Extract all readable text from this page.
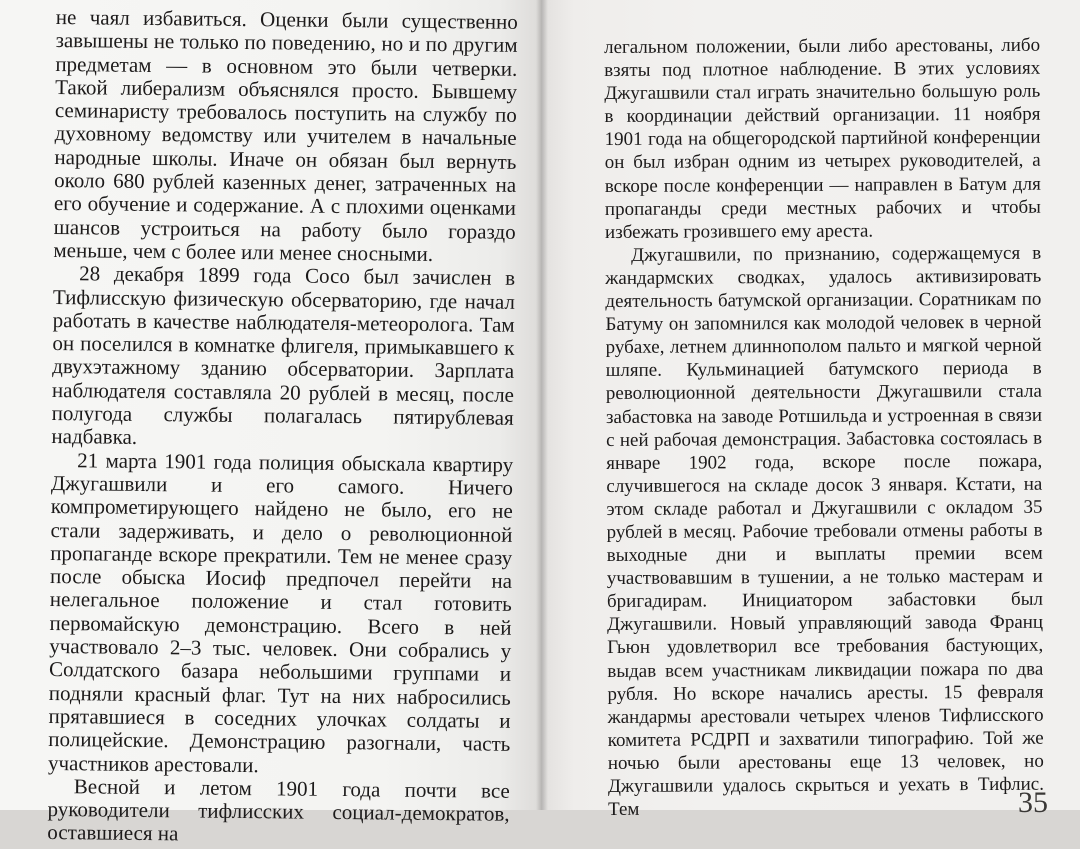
не чаял избавиться. Оценки были существенно завышены не только по поведению, но и по другим предметам — в основном это были четверки. Такой либерализм объяснялся просто. Бывшему семинаристу требовалось поступить на службу по духовному ведомству или учителем в начальные народные школы. Иначе он обязан был вернуть около 680 рублей казенных денег, затраченных на его обучение и содержание. А с плохими оценками шансов устроиться на работу было гораздо меньше, чем с более или менее сносными.

28 декабря 1899 года Сосо был зачислен в Тифлисскую физическую обсерваторию, где начал работать в качестве наблюдателя-метеоролога. Там он поселился в комнатке флигеля, примыкавшего к двухэтажному зданию обсерватории. Зарплата наблюдателя составляла 20 рублей в месяц, после полугода службы полагалась пятирублевая надбавка.

21 марта 1901 года полиция обыскала квартиру Джугашвили и его самого. Ничего компрометирующего найдено не было, его не стали задерживать, и дело о революционной пропаганде вскоре прекратили. Тем не менее сразу после обыска Иосиф предпочел перейти на нелегальное положение и стал готовить первомайскую демонстрацию. Всего в ней участвовало 2–3 тыс. человек. Они собрались у Солдатского базара небольшими группами и подняли красный флаг. Тут на них набросились прятавшиеся в соседних улочках солдаты и полицейские. Демонстрацию разогнали, часть участников арестовали.

Весной и летом 1901 года почти все руководители тифлисских социал-демократов, оставшиеся на

легальном положении, были либо арестованы, либо взяты под плотное наблюдение. В этих условиях Джугашвили стал играть значительно большую роль в координации действий организации. 11 ноября 1901 года на общегородской партийной конференции он был избран одним из четырех руководителей, а вскоре после конференции — направлен в Батум для пропаганды среди местных рабочих и чтобы избежать грозившего ему ареста.

Джугашвили, по признанию, содержащемуся в жандармских сводках, удалось активизировать деятельность батумской организации. Соратникам по Батуму он запомнился как молодой человек в черной рубахе, летнем длиннополом пальто и мягкой черной шляпе. Кульминацией батумского периода в революционной деятельности Джугашвили стала забастовка на заводе Ротшильда и устроенная в связи с ней рабочая демонстрация. Забастовка состоялась в январе 1902 года, вскоре после пожара, случившегося на складе досок 3 января. Кстати, на этом складе работал и Джугашвили с окладом 35 рублей в месяц. Рабочие требовали отмены работы в выходные дни и выплаты премии всем участвовавшим в тушении, а не только мастерам и бригадирам. Инициатором забастовки был Джугашвили. Новый управляющий завода Франц Гьюн удовлетворил все требования бастующих, выдав всем участникам ликвидации пожара по два рубля. Но вскоре начались аресты. 15 февраля жандармы арестовали четырех членов Тифлисского комитета РСДРП и захватили типографию. Той же ночью были арестованы еще 13 человек, но Джугашвили удалось скрыться и уехать в Тифлис. Тем	35
